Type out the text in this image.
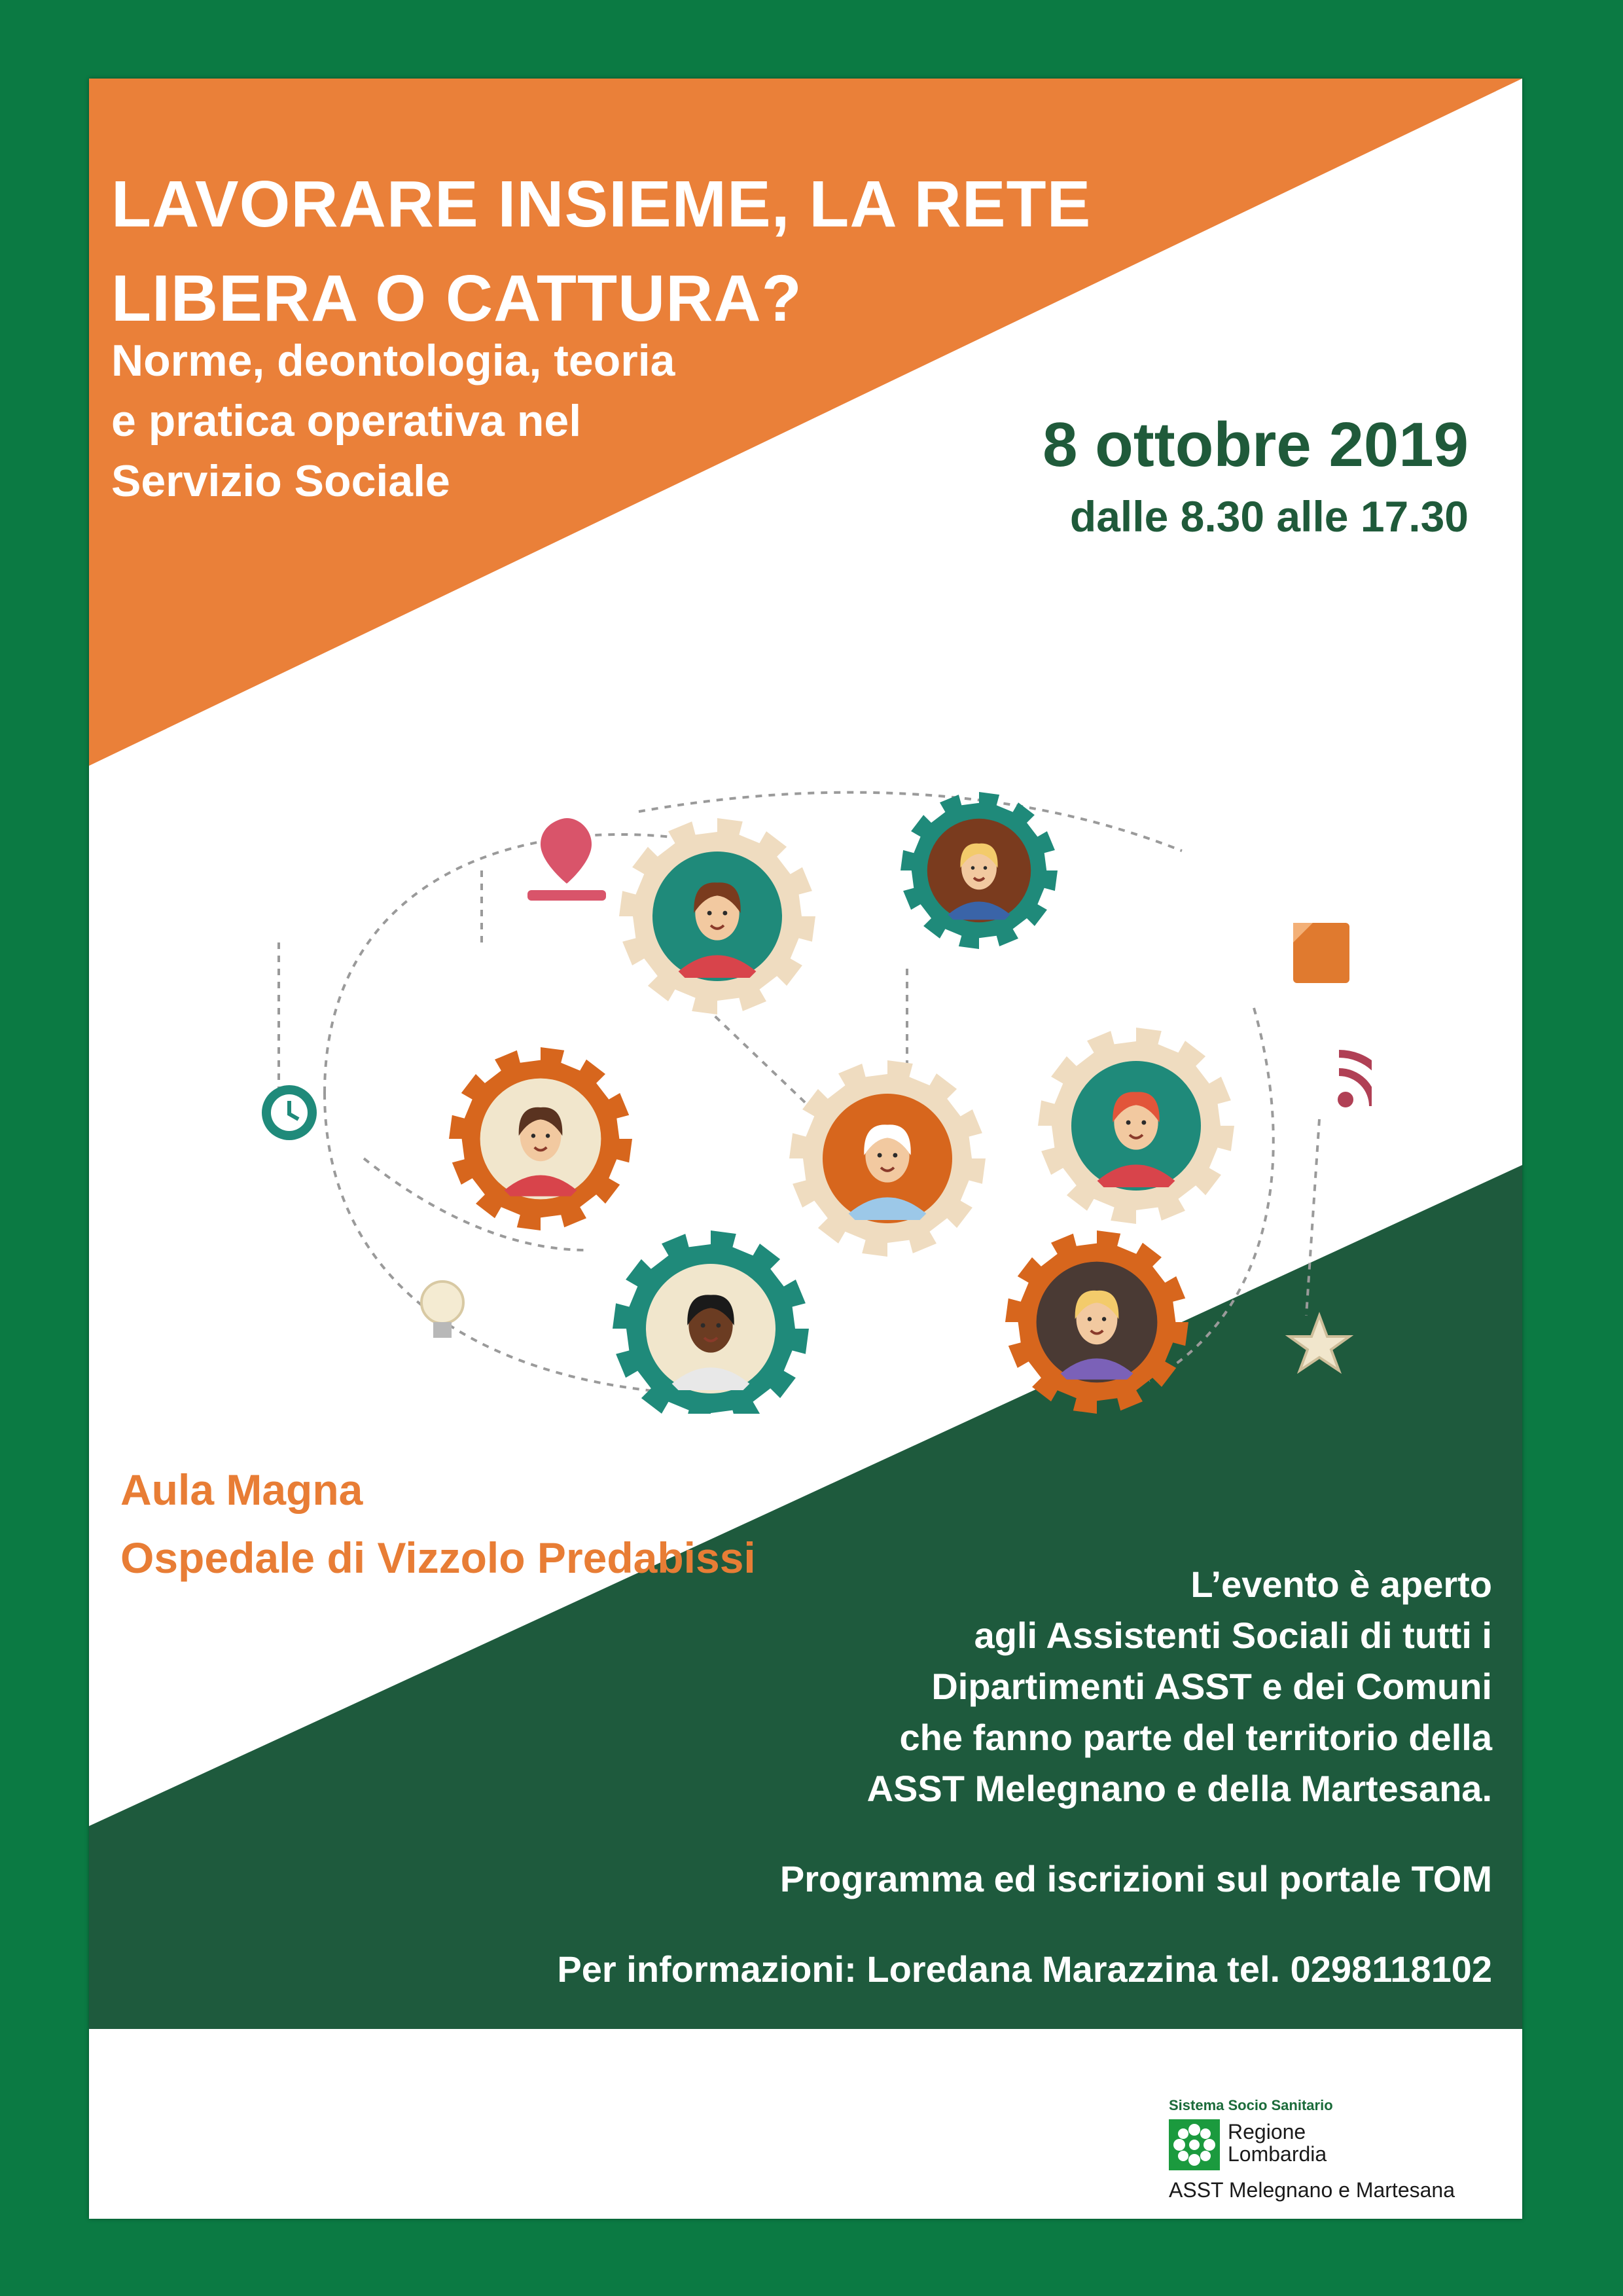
LAVORARE INSIEME, LA RETE
LIBERA O CATTURA?
Norme, deontologia, teoria
e pratica operativa nel
Servizio Sociale
8 ottobre 2019
dalle 8.30 alle 17.30
Aula Magna
Ospedale di Vizzolo Predabissi
L’evento è aperto
agli Assistenti Sociali di tutti i
Dipartimenti ASST e dei Comuni
che fanno parte del territorio della
ASST Melegnano e della Martesana.
Programma ed iscrizioni sul portale TOM
Per informazioni: Loredana Marazzina tel. 0298118102
Sistema Socio Sanitario
Regione
Lombardia
ASST Melegnano e Martesana
